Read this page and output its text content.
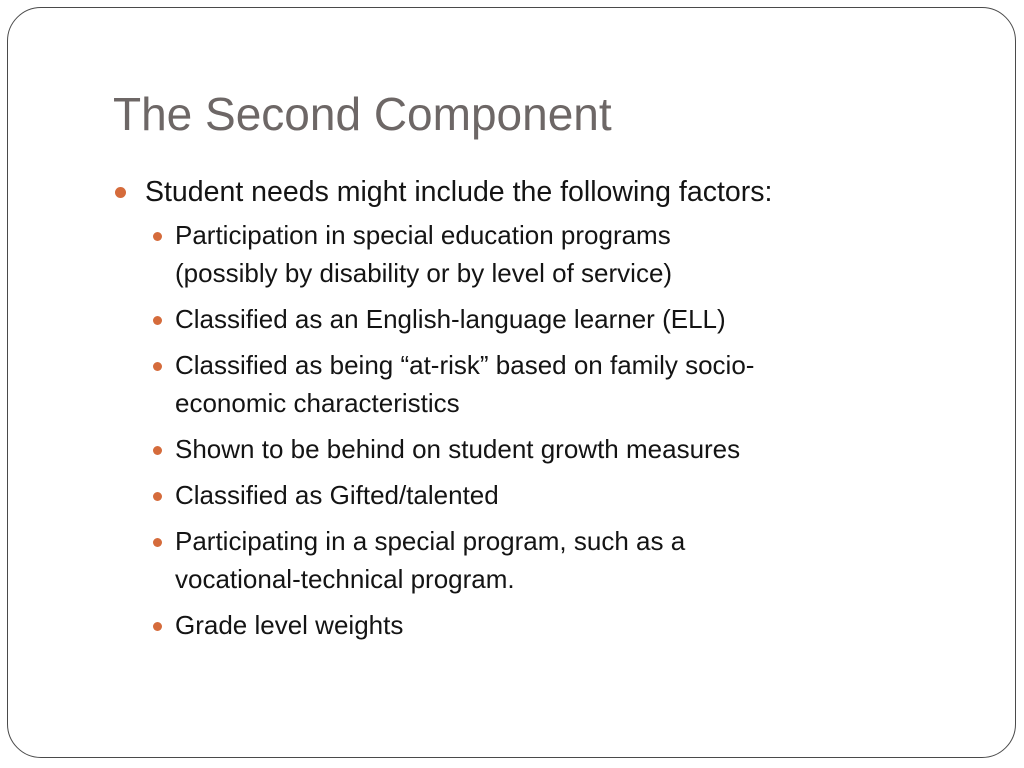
The Second Component
Student needs might include the following factors:
Participation in special education programs
(possibly by disability or by level of service)
Classified as an English-language learner (ELL)
Classified as being “at-risk” based on family socio-
economic characteristics
Shown to be behind on student growth measures
Classified as Gifted/talented
Participating in a special program, such as a
vocational-technical program.
Grade level weights
